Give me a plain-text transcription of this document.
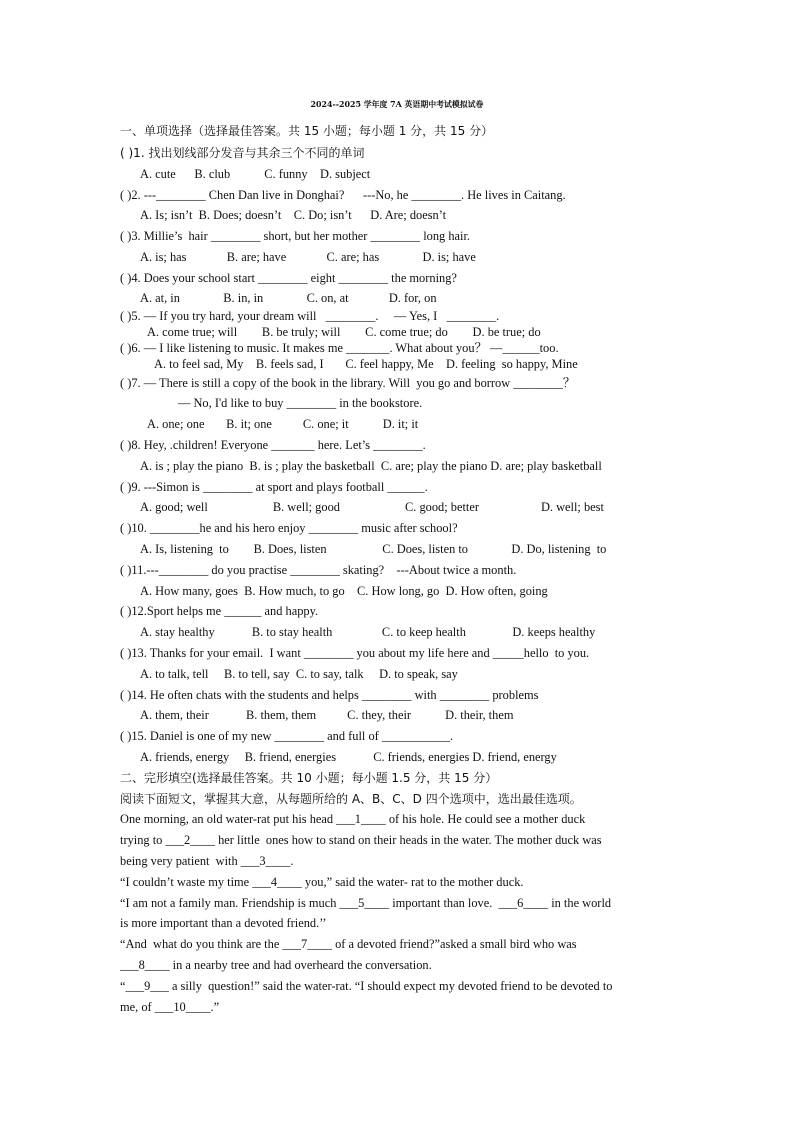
2024--2025 学年度 7A 英语期中考试模拟试卷
一、单项选择（选择最佳答案。共 15 小题；每小题 1 分，共 15 分）
( )1. 找出划线部分发音与其余三个不同的单词
A. cute      B. club           C. funny    D. subject
( )2. ---________ Chen Dan live in Donghai?      ---No, he ________. He lives in Caitang.
A. Is; isn’t  B. Does; doesn’t    C. Do; isn’t      D. Are; doesn’t
( )3. Millie’s  hair ________ short, but her mother ________ long hair.
A. is; has             B. are; have             C. are; has              D. is; have
( )4. Does your school start ________ eight ________ the morning?
A. at, in              B. in, in              C. on, at             D. for, on
( )5. — If you try hard, your dream will   ________.     — Yes, I   ________.
A. come true; will        B. be truly; will        C. come true; do        D. be true; do
( )6. — I like listening to music. It makes me _______. What about you？ —______too.
A. to feel sad, My    B. feels sad, I       C. feel happy, Me    D. feeling  so happy, Mine
( )7. — There is still a copy of the book in the library. Will  you go and borrow ________？
— No, I'd like to buy ________ in the bookstore.
A. one; one       B. it; one          C. one; it           D. it; it
( )8. Hey, .children! Everyone _______ here. Let’s ________.
A. is ; play the piano  B. is ; play the basketball  C. are; play the piano D. are; play basketball
( )9. ---Simon is ________ at sport and plays football ______.
A. good; well                     B. well; good                     C. good; better                    D. well; best
( )10. ________he and his hero enjoy ________ music after school?
A. Is, listening  to        B. Does, listen                  C. Does, listen to              D. Do, listening  to
( )11.---________ do you practise ________ skating?    ---About twice a month.
A. How many, goes  B. How much, to go    C. How long, go  D. How often, going
( )12.Sport helps me ______ and happy.
A. stay healthy            B. to stay health                C. to keep health               D. keeps healthy
( )13. Thanks for your email.  I want ________ you about my life here and _____hello  to you.
A. to talk, tell     B. to tell, say  C. to say, talk     D. to speak, say
( )14. He often chats with the students and helps ________ with ________ problems
A. them, their            B. them, them          C. they, their           D. their, them
( )15. Daniel is one of my new ________ and full of ___________.
A. friends, energy     B. friend, energies            C. friends, energies D. friend, energy
二、完形填空(选择最佳答案。共 10 小题；每小题 1.5 分，共 15 分）
阅读下面短文，掌握其大意，从每题所给的 A、B、C、D 四个选项中，选出最佳选项。
One morning, an old water-rat put his head ___1____ of his hole. He could see a mother duck
trying to ___2____ her little  ones how to stand on their heads in the water. The mother duck was
being very patient  with ___3____.
“I couldn’t waste my time ___4____ you,” said the water- rat to the mother duck.
“I am not a family man. Friendship is much ___5____ important than love.  ___6____ in the world
is more important than a devoted friend.’’
“And  what do you think are the ___7____ of a devoted friend?”asked a small bird who was
___8____ in a nearby tree and had overheard the conversation.
“___9___ a silly  question!” said the water-rat. “I should expect my devoted friend to be devoted to
me, of ___10____.”
